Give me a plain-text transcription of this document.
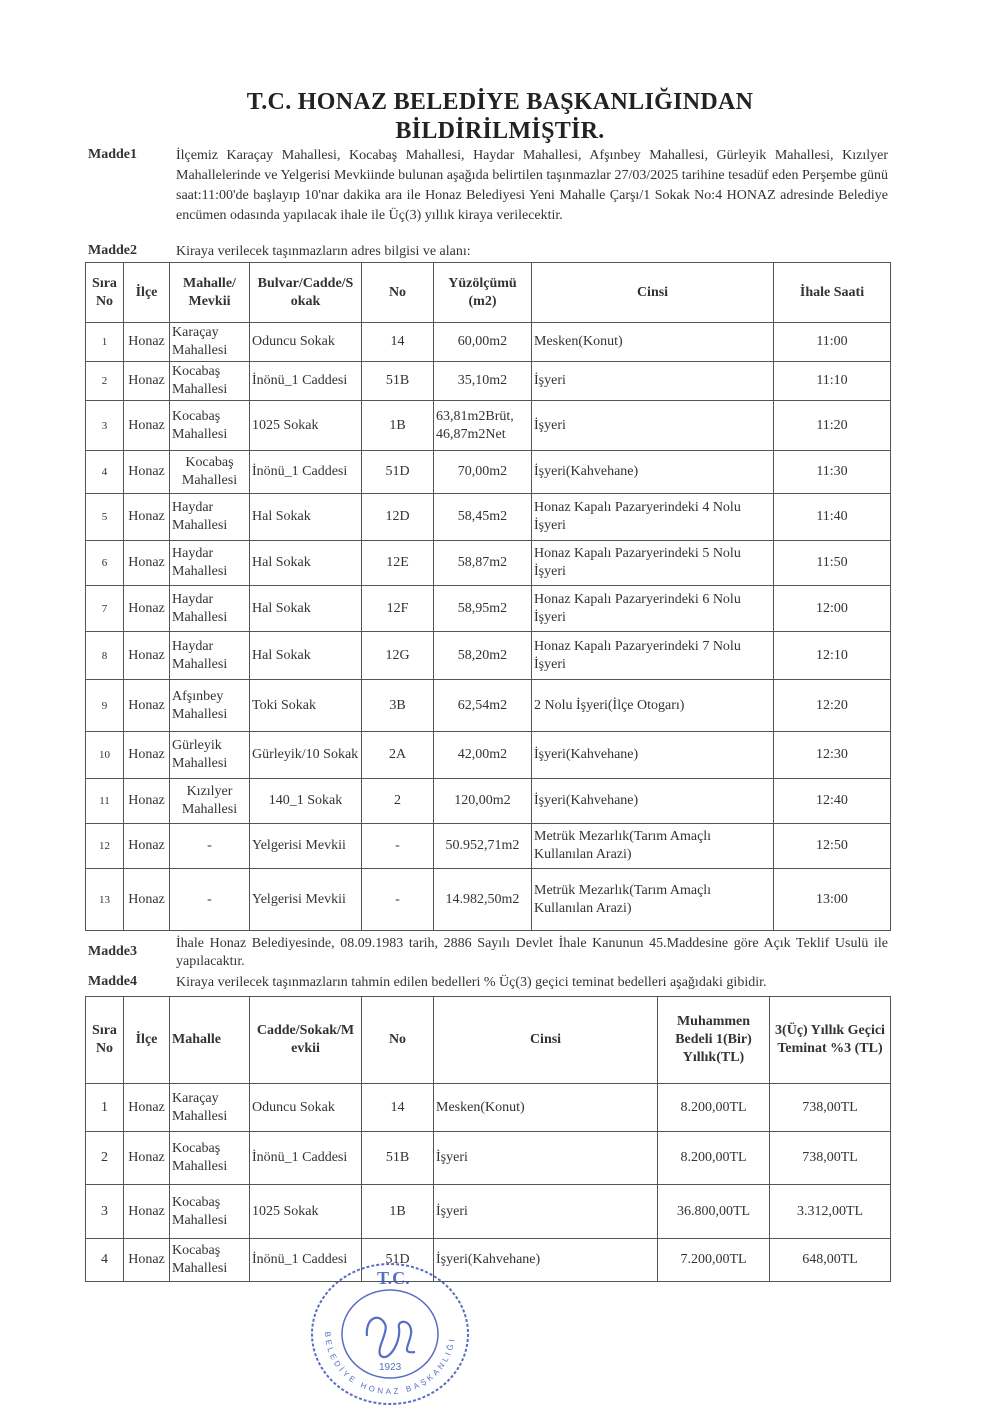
T.C. HONAZ BELEDİYE BAŞKANLIĞINDAN
BİLDİRİLMİŞTİR.
Madde1	İlçemiz Karaçay Mahallesi, Kocabaş Mahallesi, Haydar Mahallesi, Afşınbey Mahallesi, Gürleyik Mahallesi, Kızılyer Mahallelerinde ve Yelgerisi Mevkiinde bulunan aşağıda belirtilen taşınmazlar 27/03/2025 tarihine tesadüf eden Perşembe günü saat:11:00'de başlayıp 10'nar dakika ara ile Honaz Belediyesi Yeni Mahalle Çarşı/1 Sokak No:4 HONAZ adresinde Belediye encümen odasında yapılacak ihale ile Üç(3) yıllık kiraya verilecektir.
Madde2	Kiraya verilecek taşınmazların adres bilgisi ve alanı:
Sıra No	İlçe	Mahalle/ Mevkii	Bulvar/Cadde/S okak	No	Yüzölçümü (m2)	Cinsi	İhale Saati
1	Honaz	Karaçay Mahallesi	Oduncu Sokak	14	60,00m2	Mesken(Konut)	11:00
2	Honaz	Kocabaş Mahallesi	İnönü_1 Caddesi	51B	35,10m2	İşyeri	11:10
3	Honaz	Kocabaş Mahallesi	1025 Sokak	1B	63,81m2Brüt, 46,87m2Net	İşyeri	11:20
4	Honaz	Kocabaş Mahallesi	İnönü_1 Caddesi	51D	70,00m2	İşyeri(Kahvehane)	11:30
5	Honaz	Haydar Mahallesi	Hal Sokak	12D	58,45m2	Honaz Kapalı Pazaryerindeki 4 Nolu İşyeri	11:40
6	Honaz	Haydar Mahallesi	Hal Sokak	12E	58,87m2	Honaz Kapalı Pazaryerindeki 5 Nolu İşyeri	11:50
7	Honaz	Haydar Mahallesi	Hal Sokak	12F	58,95m2	Honaz Kapalı Pazaryerindeki 6 Nolu İşyeri	12:00
8	Honaz	Haydar Mahallesi	Hal Sokak	12G	58,20m2	Honaz Kapalı Pazaryerindeki 7 Nolu İşyeri	12:10
9	Honaz	Afşınbey Mahallesi	Toki Sokak	3B	62,54m2	2 Nolu İşyeri(İlçe Otogarı)	12:20
10	Honaz	Gürleyik Mahallesi	Gürleyik/10 Sokak	2A	42,00m2	İşyeri(Kahvehane)	12:30
11	Honaz	Kızılyer Mahallesi	140_1 Sokak	2	120,00m2	İşyeri(Kahvehane)	12:40
12	Honaz	-	Yelgerisi Mevkii	-	50.952,71m2	Metrük Mezarlık(Tarım Amaçlı Kullanılan Arazi)	12:50
13	Honaz	-	Yelgerisi Mevkii	-	14.982,50m2	Metrük Mezarlık(Tarım Amaçlı Kullanılan Arazi)	13:00
Madde3
İhale Honaz Belediyesinde, 08.09.1983 tarih, 2886 Sayılı Devlet İhale Kanunun 45.Maddesine göre Açık Teklif Usulü ile yapılacaktır.
Madde4	Kiraya verilecek taşınmazların tahmin edilen bedelleri % Üç(3) geçici teminat bedelleri aşağıdaki gibidir.
Sıra No	İlçe	Mahalle	Cadde/Sokak/M evkii	No	Cinsi	Muhammen Bedeli 1(Bir) Yıllık(TL)	3(Üç) Yıllık Geçici Teminat %3 (TL)
1	Honaz	Karaçay Mahallesi	Oduncu Sokak	14	Mesken(Konut)	8.200,00TL	738,00TL
2	Honaz	Kocabaş Mahallesi	İnönü_1 Caddesi	51B	İşyeri	8.200,00TL	738,00TL
3	Honaz	Kocabaş Mahallesi	1025 Sokak	1B	İşyeri	36.800,00TL	3.312,00TL
4	Honaz	Kocabaş Mahallesi	İnönü_1 Caddesi	51D	İşyeri(Kahvehane)	7.200,00TL	648,00TL
T.C.
BELEDİYE HONAZ BAŞKANLIĞI
1923
